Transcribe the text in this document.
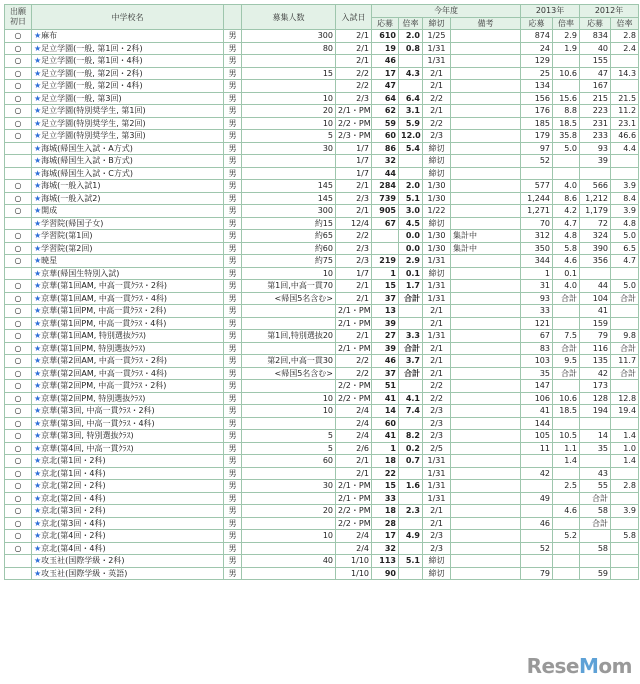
出願初日	中学校名		募集人数	入試日	今年度				2013年		2012年	
					応募	倍率	締切	備考	応募	倍率	応募	倍率
○	★麻布	男	300	2/1	610	2.0	1/25		874	2.9	834	2.8
○	★足立学園(一般, 第1回・2科)	男	80	2/1	19	0.8	1/31		24	1.9	40	2.4
○	★足立学園(一般, 第1回・4科)	男		2/1	46		1/31		129		155	
○	★足立学園(一般, 第2回・2科)	男	15	2/2	17	4.3	2/1		25	10.6	47	14.3
○	★足立学園(一般, 第2回・4科)	男		2/2	47		2/1		134		167	
○	★足立学園(一般, 第3回)	男	10	2/3	64	6.4	2/2		156	15.6	215	21.5
○	★足立学園(特別奨学生, 第1回)	男	20	2/1・PM	62	3.1	2/1		176	8.8	223	11.2
○	★足立学園(特別奨学生, 第2回)	男	10	2/2・PM	59	5.9	2/2		185	18.5	231	23.1
○	★足立学園(特別奨学生, 第3回)	男	5	2/3・PM	60	12.0	2/3		179	35.8	233	46.6
	★海城(帰国生入試・A方式)	男	30	1/7	86	5.4	締切		97	5.0	93	4.4
	★海城(帰国生入試・B方式)	男		1/7	32		締切		52		39	
	★海城(帰国生入試・C方式)	男		1/7	44		締切					
○	★海城(一般入試1)	男	145	2/1	284	2.0	1/30		577	4.0	566	3.9
○	★海城(一般入試2)	男	145	2/3	739	5.1	1/30		1,244	8.6	1,212	8.4
○	★開成	男	300	2/1	905	3.0	1/22		1,271	4.2	1,179	3.9
	★学習院(帰国子女)	男	約15	12/4	67	4.5	締切		70	4.7	72	4.8
○	★学習院(第1回)	男	約65	2/2		0.0	1/30	集計中	312	4.8	324	5.0
○	★学習院(第2回)	男	約60	2/3		0.0	1/30	集計中	350	5.8	390	6.5
○	★暁星	男	約75	2/3	219	2.9	1/31		344	4.6	356	4.7
	★京華(帰国生特別入試)	男	10	1/7	1	0.1	締切		1	0.1		
○	★京華(第1回AM, 中高一貫ｸﾗｽ・2科)	男	第1回,中高一貫70	2/1	15	1.7	1/31		31	4.0	44	5.0
○	★京華(第1回AM, 中高一貫ｸﾗｽ・4科)	男	<帰国5名含む>	2/1	37	合計	1/31		93	合計	104	合計
○	★京華(第1回PM, 中高一貫ｸﾗｽ・2科)	男		2/1・PM	13		2/1		33		41	
○	★京華(第1回PM, 中高一貫ｸﾗｽ・4科)	男		2/1・PM	39		2/1		121		159	
○	★京華(第1回AM, 特別選抜ｸﾗｽ)	男	第1回,特別選抜20	2/1	27	3.3	1/31		67	7.5	79	9.8
○	★京華(第1回PM, 特別選抜ｸﾗｽ)	男		2/1・PM	39	合計	2/1		83	合計	116	合計
○	★京華(第2回AM, 中高一貫ｸﾗｽ・2科)	男	第2回,中高一貫30	2/2	46	3.7	2/1		103	9.5	135	11.7
○	★京華(第2回AM, 中高一貫ｸﾗｽ・4科)	男	<帰国5名含む>	2/2	37	合計	2/1		35	合計	42	合計
○	★京華(第2回PM, 中高一貫ｸﾗｽ・2科)	男		2/2・PM	51		2/2		147		173	
○	★京華(第2回PM, 特別選抜ｸﾗｽ)	男	10	2/2・PM	41	4.1	2/2		106	10.6	128	12.8
○	★京華(第3回, 中高一貫ｸﾗｽ・2科)	男	10	2/4	14	7.4	2/3		41	18.5	194	19.4
○	★京華(第3回, 中高一貫ｸﾗｽ・4科)	男		2/4	60		2/3		144			
○	★京華(第3回, 特別選抜ｸﾗｽ)	男	5	2/4	41	8.2	2/3		105	10.5	14	1.4
○	★京華(第4回, 中高一貫ｸﾗｽ)	男	5	2/6	1	0.2	2/5		11	1.1	35	1.0
○	★京北(第1回・2科)	男	60	2/1	18	0.7	1/31			1.4		1.4
○	★京北(第1回・4科)	男		2/1	22		1/31		42		43	
○	★京北(第2回・2科)	男	30	2/1・PM	15	1.6	1/31			2.5	55	2.8
○	★京北(第2回・4科)	男		2/1・PM	33		1/31		49		合計	
○	★京北(第3回・2科)	男	20	2/2・PM	18	2.3	2/1			4.6	58	3.9
○	★京北(第3回・4科)	男		2/2・PM	28		2/1		46		合計	
○	★京北(第4回・2科)	男	10	2/4	17	4.9	2/3			5.2		5.8
○	★京北(第4回・4科)	男		2/4	32		2/3		52		58	
	★攻玉社(国際学級・2科)	男	40	1/10	113	5.1	締切					
	★攻玉社(国際学級・英語)	男		1/10	90		締切		79		59	
ReseMom
